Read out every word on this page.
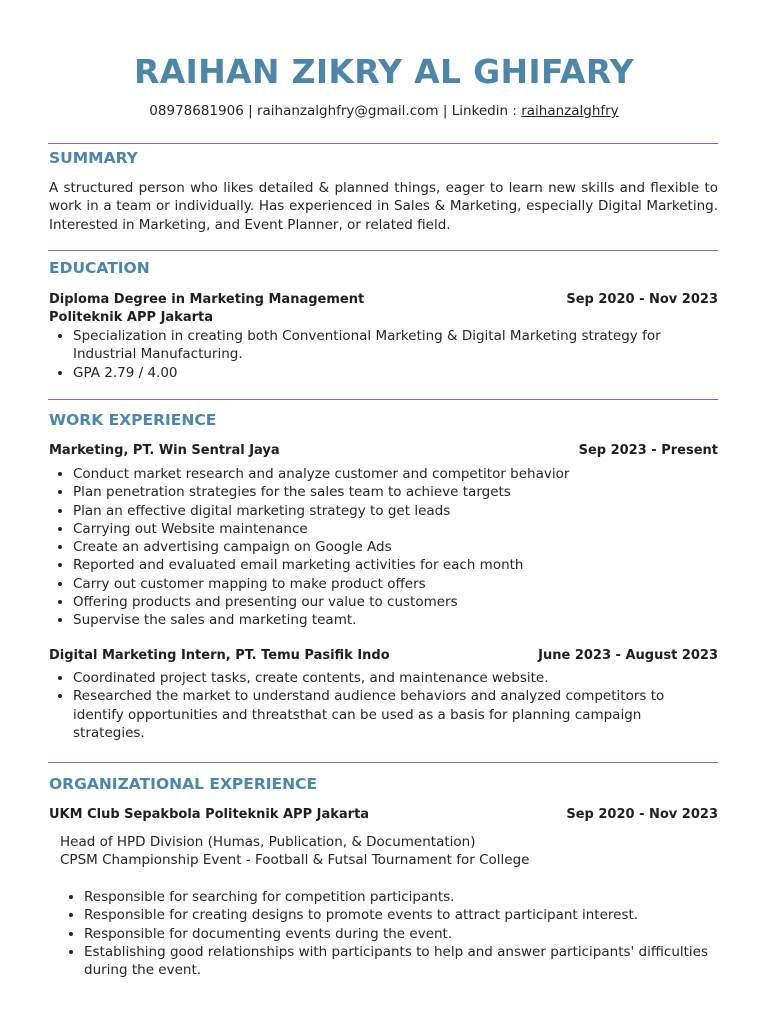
RAIHAN ZIKRY AL GHIFARY
08978681906 | raihanzalghfry@gmail.com | Linkedin : raihanzalghfry
SUMMARY
A structured person who likes detailed & planned things, eager to learn new skills and flexible to work in a team or individually. Has experienced in Sales & Marketing, especially Digital Marketing. Interested in Marketing, and Event Planner, or related field.
EDUCATION
Diploma Degree in Marketing Management	Sep 2020 - Nov 2023
Politeknik APP Jakarta
• Specialization in creating both Conventional Marketing & Digital Marketing strategy for Industrial Manufacturing.
• GPA 2.79 / 4.00
WORK EXPERIENCE
Marketing, PT. Win Sentral Jaya	Sep 2023 - Present
• Conduct market research and analyze customer and competitor behavior
• Plan penetration strategies for the sales team to achieve targets
• Plan an effective digital marketing strategy to get leads
• Carrying out Website maintenance
• Create an advertising campaign on Google Ads
• Reported and evaluated email marketing activities for each month
• Carry out customer mapping to make product offers
• Offering products and presenting our value to customers
• Supervise the sales and marketing teamt.
Digital Marketing Intern, PT. Temu Pasifik Indo	June 2023 - August 2023
• Coordinated project tasks, create contents, and maintenance website.
• Researched the market to understand audience behaviors and analyzed competitors to identify opportunities and threatsthat can be used as a basis for planning campaign strategies.
ORGANIZATIONAL EXPERIENCE
UKM Club Sepakbola Politeknik APP Jakarta	Sep 2020 - Nov 2023
Head of HPD Division (Humas, Publication, & Documentation)
CPSM Championship Event - Football & Futsal Tournament for College
• Responsible for searching for competition participants.
• Responsible for creating designs to promote events to attract participant interest.
• Responsible for documenting events during the event.
• Establishing good relationships with participants to help and answer participants' difficulties during the event.
